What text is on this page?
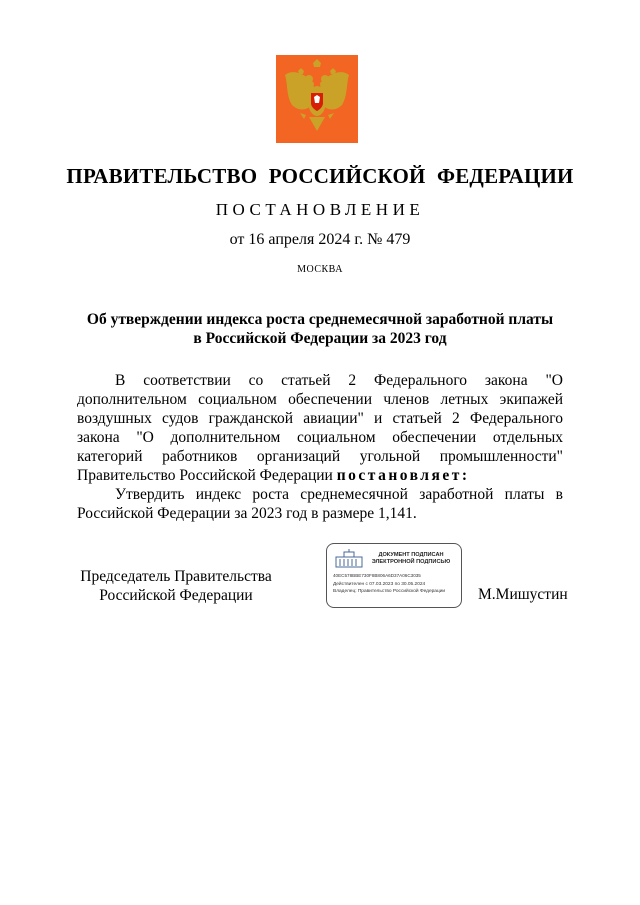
ПРАВИТЕЛЬСТВО РОССИЙСКОЙ ФЕДЕРАЦИИ
ПОСТАНОВЛЕНИЕ
от 16 апреля 2024 г. № 479
МОСКВА
Об утверждении индекса роста среднемесячной заработной платы
в Российской Федерации за 2023 год

В соответствии со статьей 2 Федерального закона "О дополнительном социальном обеспечении членов летных экипажей воздушных судов гражданской авиации" и статьей 2 Федерального закона "О дополнительном социальном обеспечении отдельных категорий работников организаций угольной промышленности" Правительство Российской Федерации постановляет:

Утвердить индекс роста среднемесячной заработной платы в Российской Федерации за 2023 год в размере 1,141.

Председатель Правительства
Российской Федерации
ДОКУМЕНТ ПОДПИСАН
ЭЛЕКТРОННОЙ ПОДПИСЬЮ
40EC578BBE730F8B806A6D37A06C3035
Действителен с 07.03.2023 по 30.05.2024
Владелец: Правительство Российской Федерации	М.Мишустин
